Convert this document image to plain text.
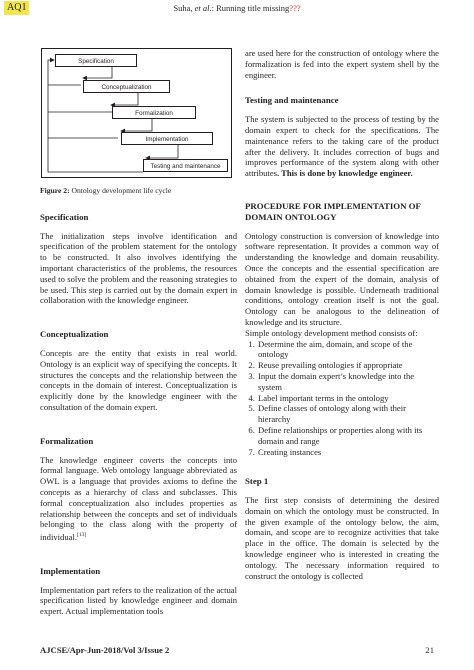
AQ1	Suha, et al.: Running title missing???
Specification
Conceptualization
Formalization
Implementation
Testing and maintenance
Figure 2: Ontology development life cycle
Specification

The initialization steps involve identification and specification of the problem statement for the ontology to be constructed. It also involves identifying the important characteristics of the problems, the resources used to solve the problem and the reasoning strategies to be used. This step is carried out by the domain expert in collaboration with the knowledge engineer.

Conceptualization

Concepts are the entity that exists in real world. Ontology is an explicit way of specifying the concepts. It structures the concepts and the relationship between the concepts in the domain of interest. Conceptualization is explicitly done by the knowledge engineer with the consultation of the domain expert.

Formalization

The knowledge engineer coverts the concepts into formal language. Web ontology language abbreviated as OWL is a language that provides axioms to define the concepts as a hierarchy of class and subclasses. This formal conceptualization also includes properties as relationship between the concepts and set of individuals belonging to the class along with the property of individual.[13]

Implementation

Implementation part refers to the realization of the actual specification listed by knowledge engineer and domain expert. Actual implementation tools

are used here for the construction of ontology where the formalization is fed into the expert system shell by the engineer.

Testing and maintenance

The system is subjected to the process of testing by the domain expert to check for the specifications. The maintenance refers to the taking care of the product after the delivery. It includes correction of bugs and improves performance of the system along with other attributes. This is done by knowledge engineer.

PROCEDURE FOR IMPLEMENTATION OF DOMAIN ONTOLOGY

Ontology construction is conversion of knowledge into software representation. It provides a common way of understanding the knowledge and domain reusability. Once the concepts and the essential specification are obtained from the expert of the domain, analysis of domain knowledge is possible. Underneath traditional conditions, ontology creation itself is not the goal. Ontology can be analogous to the delineation of knowledge and its structure.

Simple ontology development method consists of:

1. Determine the aim, domain, and scope of the ontology
2. Reuse prevailing ontologies if appropriate
3. Input the domain expert’s knowledge into the system
4. Label important terms in the ontology
5. Define classes of ontology along with their hierarchy
6. Define relationships or properties along with its domain and range
7. Creating instances
Step 1

The first step consists of determining the desired domain on which the ontology must be constructed. In the given example of the ontology below, the aim, domain, and scope are to recognize activities that take place in the office. The domain is selected by the knowledge engineer who is interested in creating the ontology. The necessary information required to construct the ontology is collected

AJCSE/Apr-Jun-2018/Vol 3/Issue 2	21
